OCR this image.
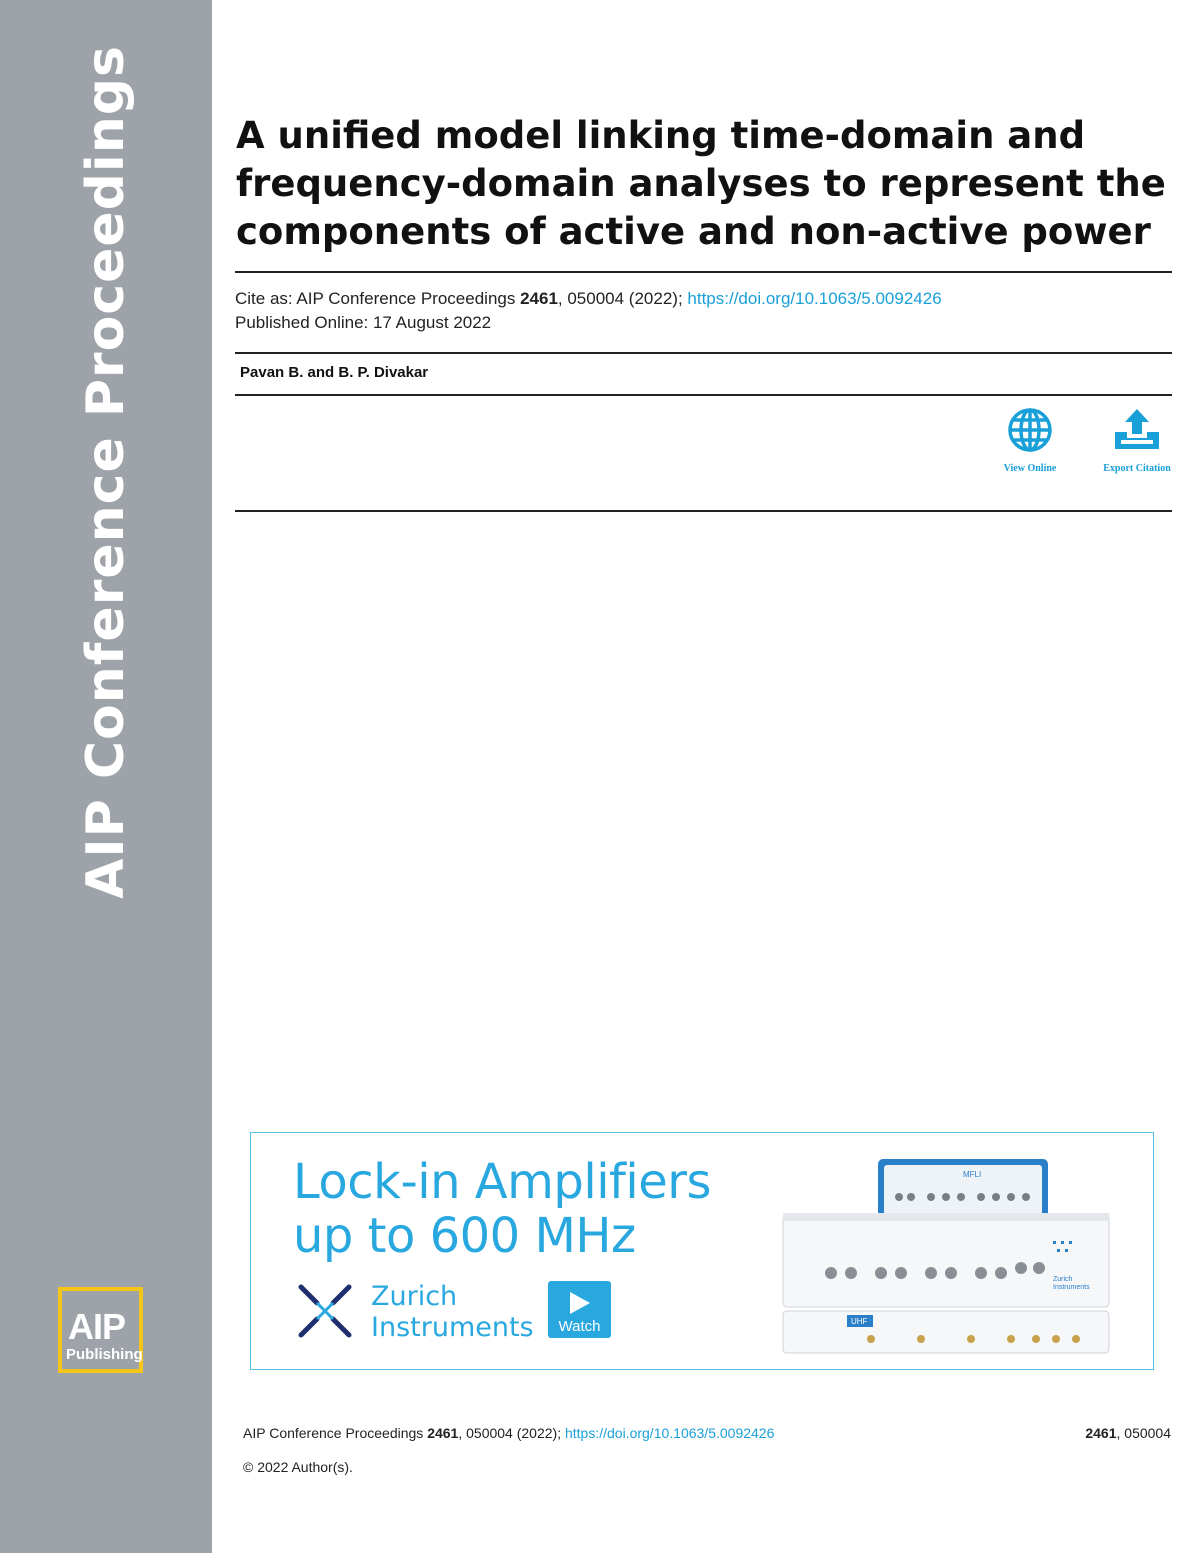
AIP Conference Proceedings
AIP
Publishing
A unified model linking time-domain and frequency-domain analyses to represent the components of active and non-active power
Cite as: AIP Conference Proceedings 2461, 050004 (2022); https://doi.org/10.1063/5.0092426
Published Online: 17 August 2022
Pavan B. and B. P. Divakar
View Online	Export Citation
Lock-in Amplifiers
up to 600 MHz
Zurich
Instruments	Watch
MFLI
Zurich
Instruments
UHF
AIP Conference Proceedings 2461, 050004 (2022); https://doi.org/10.1063/5.0092426	2461, 050004
© 2022 Author(s).
